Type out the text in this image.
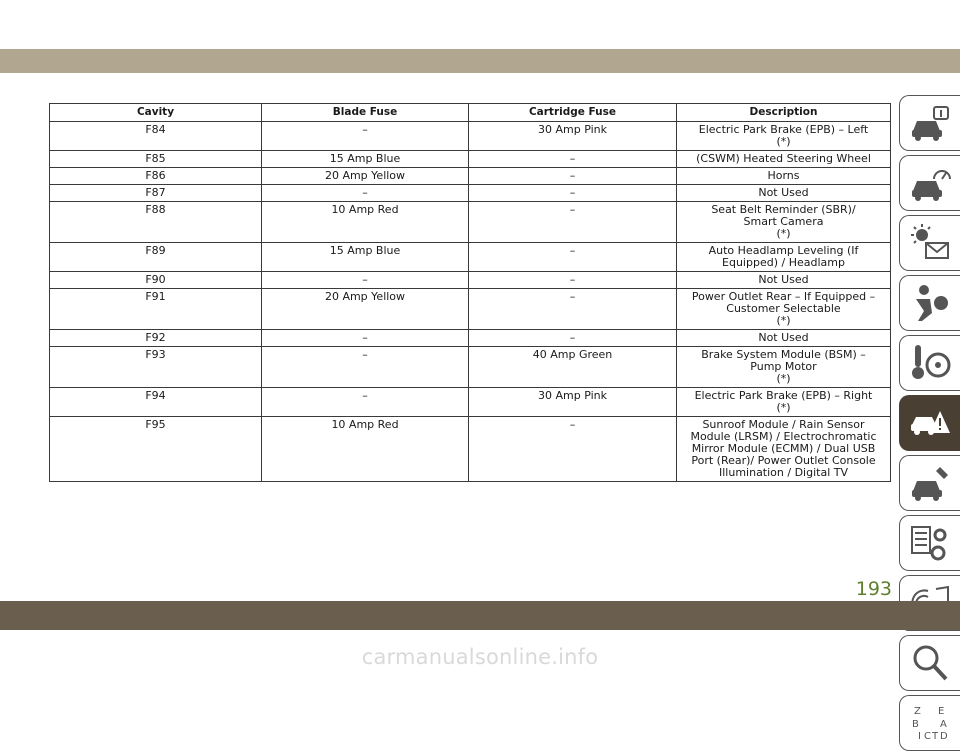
Cavity	Blade Fuse	Cartridge Fuse	Description
F84	–	30 Amp Pink	Electric Park Brake (EPB) – Left
(*)

F85	15 Amp Blue	–	(CSWM) Heated Steering Wheel

F86	20 Amp Yellow	–	Horns

F87	–	–	Not Used

F88	10 Amp Red	–	Seat Belt Reminder (SBR)/
Smart Camera
(*)

F89	15 Amp Blue	–	Auto Headlamp Leveling (If
Equipped) / Headlamp

F90	–	–	Not Used

F91	20 Amp Yellow	–	Power Outlet Rear – If Equipped –
Customer Selectable
(*)

F92	–	–	Not Used

F93	–	40 Amp Green	Brake System Module (BSM) –
Pump Motor
(*)

F94	–	30 Amp Pink	Electric Park Brake (EPB) – Right
(*)

F95	10 Amp Red	–	Sunroof Module / Rain Sensor
Module (LRSM) / Electrochromatic
Mirror Module (ECMM) / Dual USB
Port (Rear)/ Power Outlet Console
Illumination / Digital TV
Z E
B A
I C T D
193
carmanualsonline.info
